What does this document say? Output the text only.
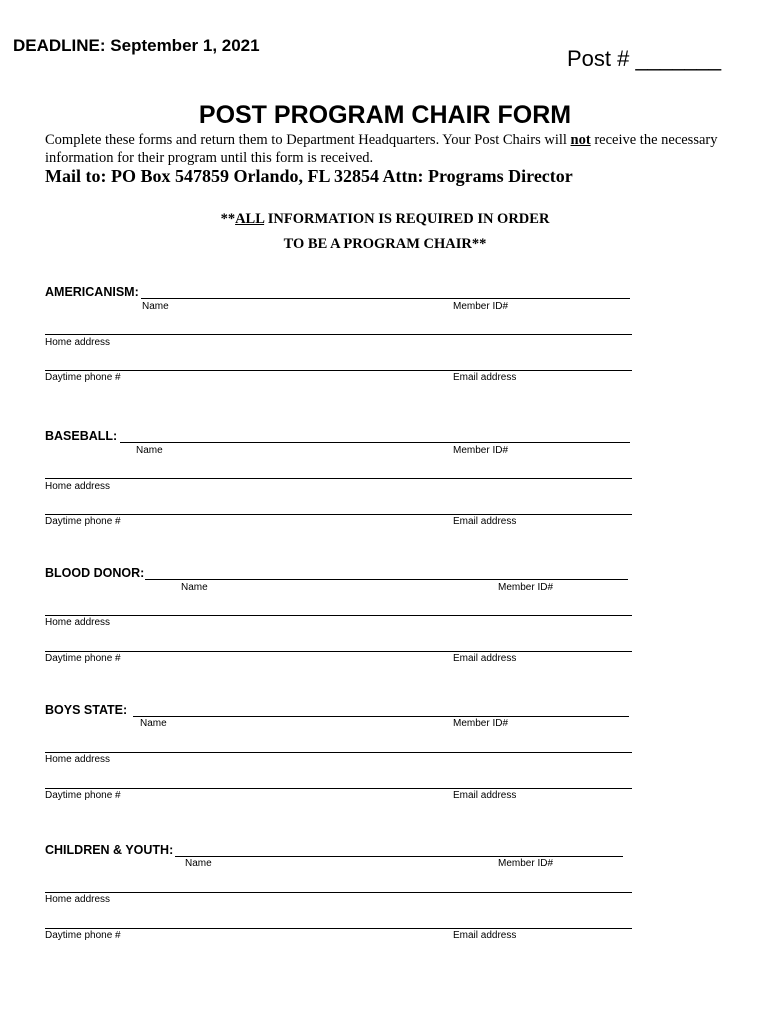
DEADLINE: September 1, 2021
Post # _______
POST PROGRAM CHAIR FORM
Complete these forms and return them to Department Headquarters. Your Post Chairs will not receive the necessary information for their program until this form is received.
Mail to: PO Box 547859 Orlando, FL 32854 Attn: Programs Director
**ALL INFORMATION IS REQUIRED IN ORDER
TO BE A PROGRAM CHAIR**
AMERICANISM:
Name	Member ID#
Home address
Daytime phone #	Email address
BASEBALL:
Name	Member ID#
Home address
Daytime phone #	Email address
BLOOD DONOR:
Name	Member ID#
Home address
Daytime phone #	Email address
BOYS STATE:
Name	Member ID#
Home address
Daytime phone #	Email address
CHILDREN & YOUTH:
Name	Member ID#
Home address
Daytime phone #	Email address
